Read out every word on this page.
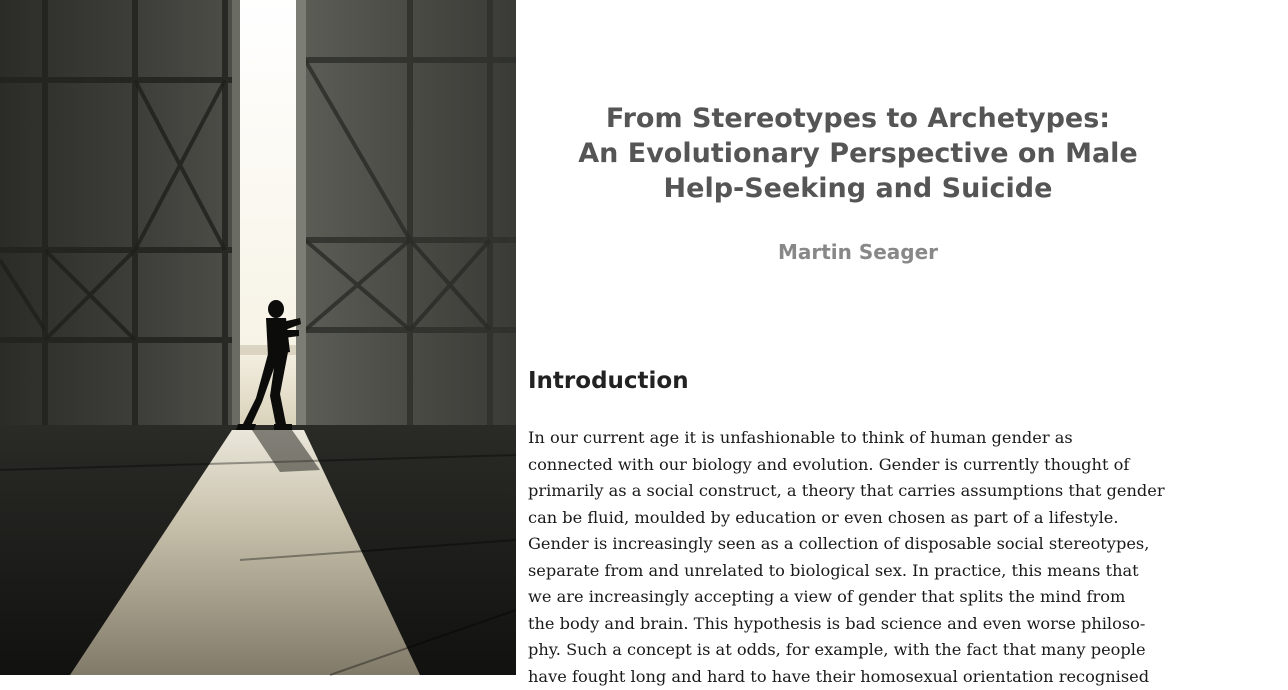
From Stereotypes to Archetypes:
An Evolutionary Perspective on Male
Help-Seeking and Suicide
Martin Seager
Introduction

In our current age it is unfashionable to think of human gender as
connected with our biology and evolution. Gender is currently thought of
primarily as a social construct, a theory that carries assumptions that gender
can be fluid, moulded by education or even chosen as part of a lifestyle.
Gender is increasingly seen as a collection of disposable social stereotypes,
separate from and unrelated to biological sex. In practice, this means that
we are increasingly accepting a view of gender that splits the mind from
the body and brain. This hypothesis is bad science and even worse philoso-
phy. Such a concept is at odds, for example, with the fact that many people
have fought long and hard to have their homosexual orientation recognised
